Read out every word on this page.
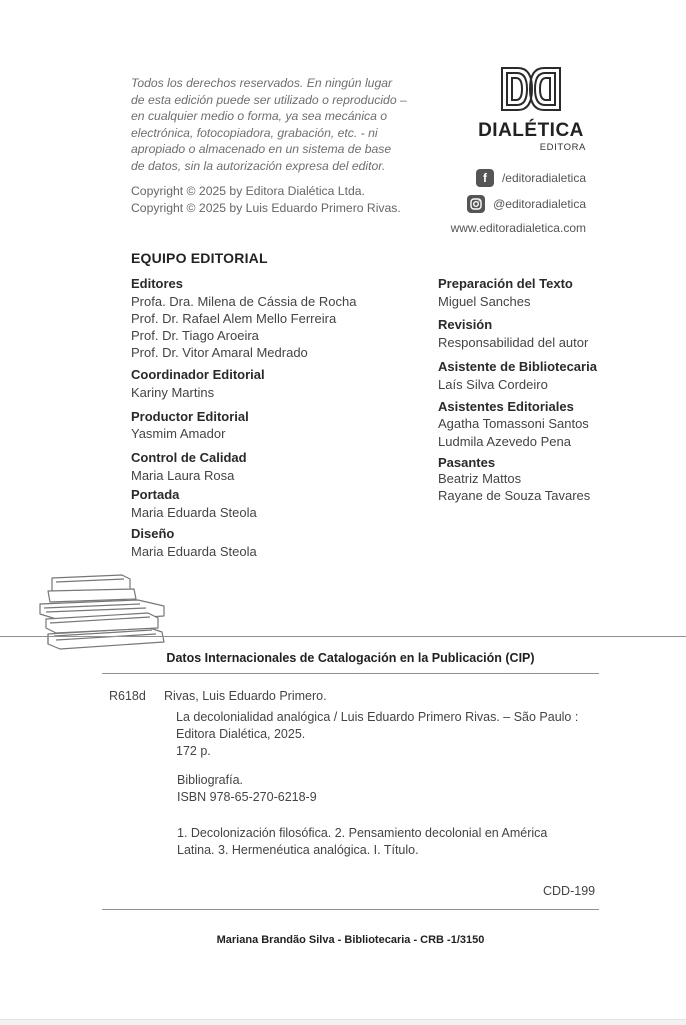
Todos los derechos reservados. En ningún lugar
de esta edición puede ser utilizado o reproducido –
en cualquier medio o forma, ya sea mecánica o
electrónica, fotocopiadora, grabación, etc. - ni
apropiado o almacenado en un sistema de base
de datos, sin la autorización expresa del editor.
Copyright © 2025 by Editora Dialética Ltda.
Copyright © 2025 by Luis Eduardo Primero Rivas.
DIALÉTICA
EDITORA
f	/editoradialetica
@editoradialetica
www.editoradialetica.com
EQUIPO EDITORIAL
Editores
Profa. Dra. Milena de Cássia de Rocha
Prof. Dr. Rafael Alem Mello Ferreira
Prof. Dr. Tiago Aroeira
Prof. Dr. Vitor Amaral Medrado
Coordinador Editorial
Kariny Martins
Productor Editorial
Yasmim Amador
Control de Calidad
Maria Laura Rosa
Portada
Maria Eduarda Steola
Diseño
Maria Eduarda Steola
Preparación del Texto
Miguel Sanches
Revisión
Responsabilidad del autor
Asistente de Bibliotecaria
Laís Silva Cordeiro
Asistentes Editoriales
Agatha Tomassoni Santos
Ludmila Azevedo Pena
Pasantes
Beatriz Mattos
Rayane de Souza Tavares
Datos Internacionales de Catalogación en la Publicación (CIP)
R618d Rivas, Luis Eduardo Primero.
La decolonialidad analógica / Luis Eduardo Primero Rivas. – São Paulo :
Editora Dialética, 2025.
172 p.
Bibliografía.
ISBN 978-65-270-6218-9
1. Decolonización filosófica. 2. Pensamiento decolonial en América
Latina. 3. Hermenéutica analógica. I. Título.
CDD-199
Mariana Brandão Silva - Bibliotecaria - CRB -1/3150
